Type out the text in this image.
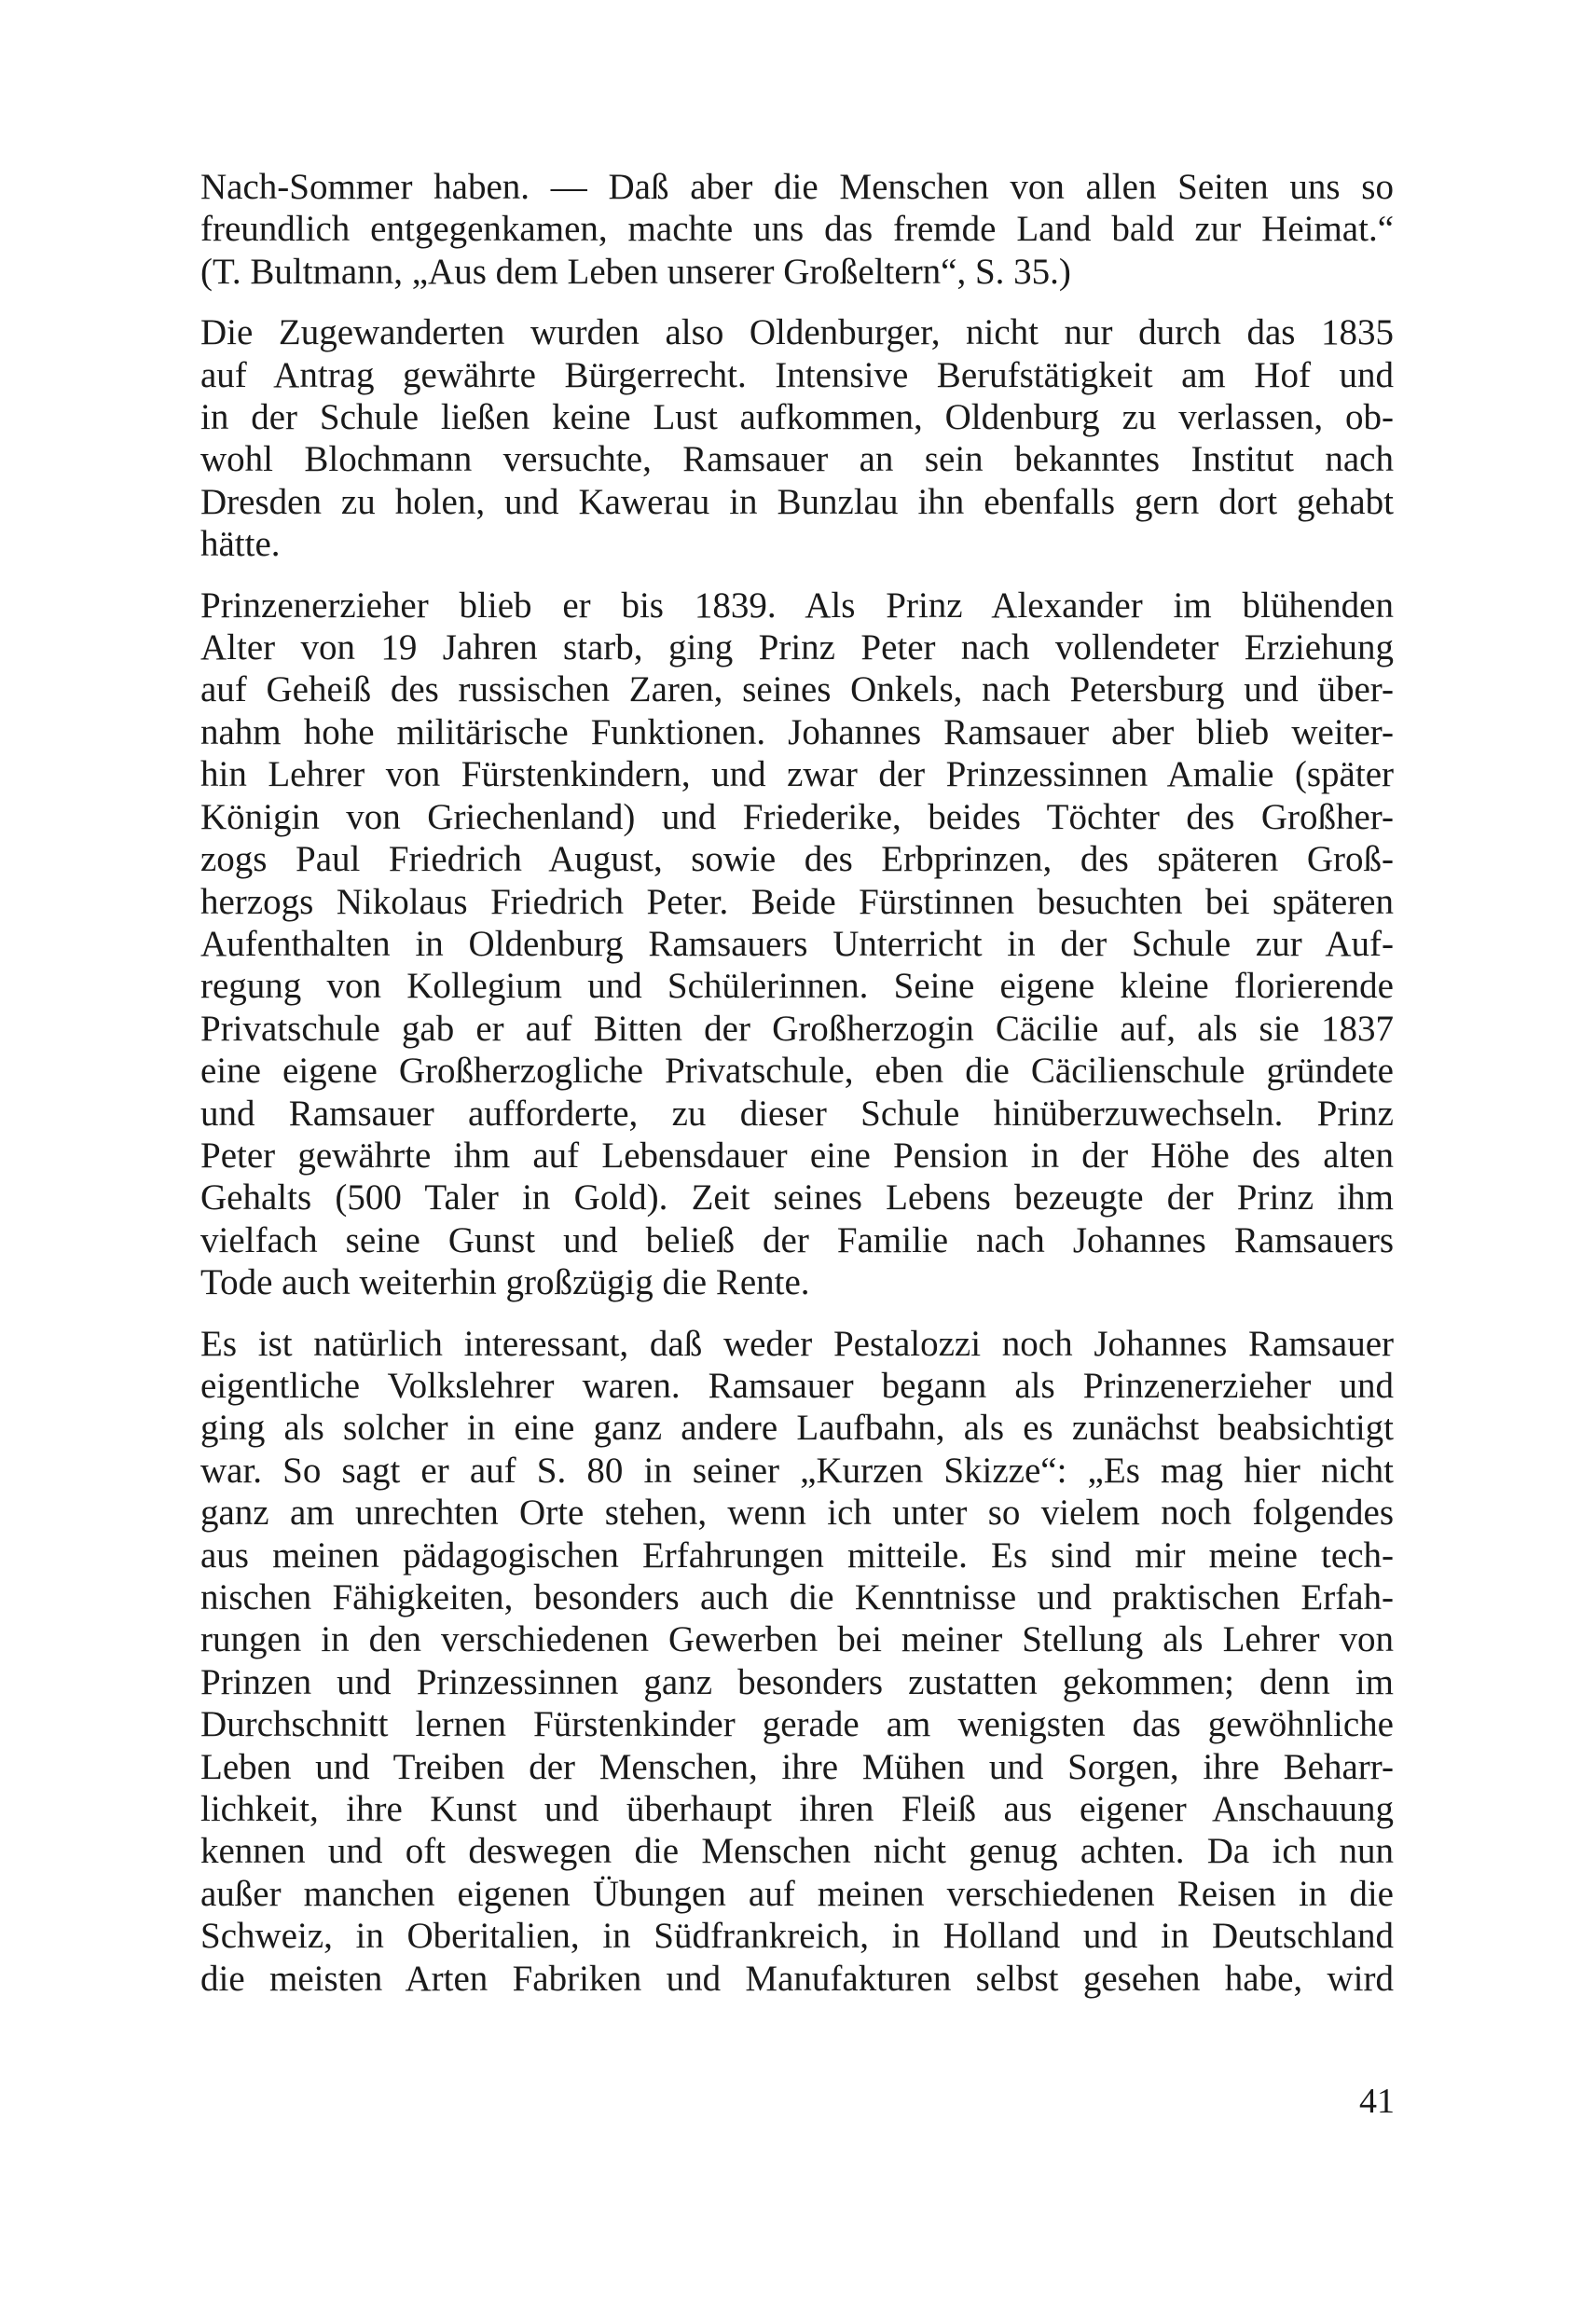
Nach-Sommer haben. — Daß aber die Menschen von allen Seiten uns so
freundlich entgegenkamen, machte uns das fremde Land bald zur Heimat.“
(T. Bultmann, „Aus dem Leben unserer Großeltern“, S. 35.)
Die Zugewanderten wurden also Oldenburger, nicht nur durch das 1835
auf Antrag gewährte Bürgerrecht. Intensive Berufstätigkeit am Hof und
in der Schule ließen keine Lust aufkommen, Oldenburg zu verlassen, ob-
wohl Blochmann versuchte, Ramsauer an sein bekanntes Institut nach
Dresden zu holen, und Kawerau in Bunzlau ihn ebenfalls gern dort gehabt
hätte.
Prinzenerzieher blieb er bis 1839. Als Prinz Alexander im blühenden
Alter von 19 Jahren starb, ging Prinz Peter nach vollendeter Erziehung
auf Geheiß des russischen Zaren, seines Onkels, nach Petersburg und über-
nahm hohe militärische Funktionen. Johannes Ramsauer aber blieb weiter-
hin Lehrer von Fürstenkindern, und zwar der Prinzessinnen Amalie (später
Königin von Griechenland) und Friederike, beides Töchter des Großher-
zogs Paul Friedrich August, sowie des Erbprinzen, des späteren Groß-
herzogs Nikolaus Friedrich Peter. Beide Fürstinnen besuchten bei späteren
Aufenthalten in Oldenburg Ramsauers Unterricht in der Schule zur Auf-
regung von Kollegium und Schülerinnen. Seine eigene kleine florierende
Privatschule gab er auf Bitten der Großherzogin Cäcilie auf, als sie 1837
eine eigene Großherzogliche Privatschule, eben die Cäcilienschule gründete
und Ramsauer aufforderte, zu dieser Schule hinüberzuwechseln. Prinz
Peter gewährte ihm auf Lebensdauer eine Pension in der Höhe des alten
Gehalts (500 Taler in Gold). Zeit seines Lebens bezeugte der Prinz ihm
vielfach seine Gunst und beließ der Familie nach Johannes Ramsauers
Tode auch weiterhin großzügig die Rente.
Es ist natürlich interessant, daß weder Pestalozzi noch Johannes Ramsauer
eigentliche Volkslehrer waren. Ramsauer begann als Prinzenerzieher und
ging als solcher in eine ganz andere Laufbahn, als es zunächst beabsichtigt
war. So sagt er auf S. 80 in seiner „Kurzen Skizze“: „Es mag hier nicht
ganz am unrechten Orte stehen, wenn ich unter so vielem noch folgendes
aus meinen pädagogischen Erfahrungen mitteile. Es sind mir meine tech-
nischen Fähigkeiten, besonders auch die Kenntnisse und praktischen Erfah-
rungen in den verschiedenen Gewerben bei meiner Stellung als Lehrer von
Prinzen und Prinzessinnen ganz besonders zustatten gekommen; denn im
Durchschnitt lernen Fürstenkinder gerade am wenigsten das gewöhnliche
Leben und Treiben der Menschen, ihre Mühen und Sorgen, ihre Beharr-
lichkeit, ihre Kunst und überhaupt ihren Fleiß aus eigener Anschauung
kennen und oft deswegen die Menschen nicht genug achten. Da ich nun
außer manchen eigenen Übungen auf meinen verschiedenen Reisen in die
Schweiz, in Oberitalien, in Südfrankreich, in Holland und in Deutschland
die meisten Arten Fabriken und Manufakturen selbst gesehen habe, wird
41
